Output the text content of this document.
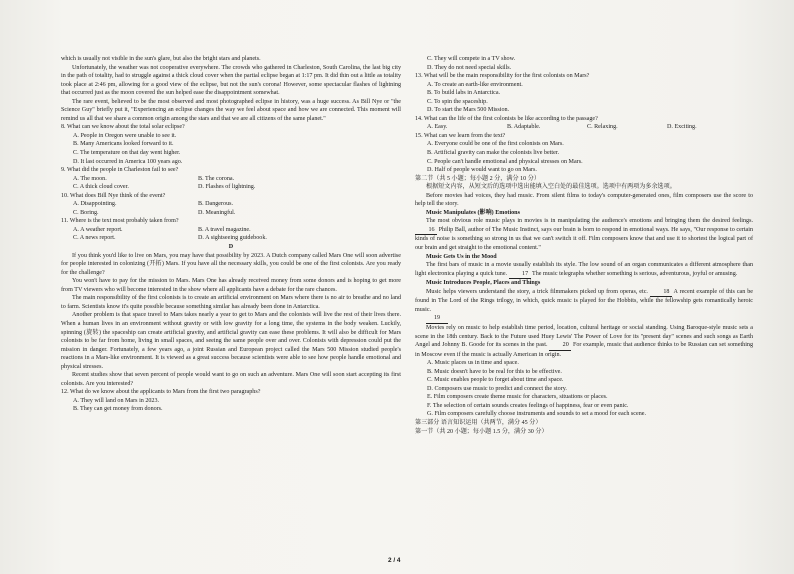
which is usually not visible in the sun's glare, but also the bright stars and planets.

Unfortunately, the weather was not cooperative everywhere. The crowds who gathered in Charleston, South Carolina, the last big city in the path of totality, had to struggle against a thick cloud cover when the partial eclipse began at 1:17 pm. It did thin out a little as totality took place at 2:46 pm, allowing for a good view of the eclipse, but not the sun's corona! However, some spectacular flashes of lightning that occurred just as the moon covered the sun helped ease the disappointment somewhat.

The rare event, believed to be the most observed and most photographed eclipse in history, was a huge success. As Bill Nye or "the Science Guy" briefly put it, "Experiencing an eclipse changes the way we feel about space and how we are connected. This moment will remind us all that we share a common origin among the stars and that we are all citizens of the same planet."

8. What can we know about the total solar eclipse?

A. People in Oregon were unable to see it.
B. Many Americans looked forward to it.
C. The temperature on that day went higher.
D. It last occurred in America 100 years ago.

9. What did the people in Charleston fail to see?

A. The moon.	B. The corona.
C. A thick cloud cover.	D. Flashes of lightning.

10. What does Bill Nye think of the event?

A. Disappointing.	B. Dangerous.
C. Boring.	D. Meaningful.

11. Where is the text most probably taken from?

A. A weather report.	B. A travel magazine.
C. A news report.	D. A sightseeing guidebook.

D

If you think you'd like to live on Mars, you may have that possibility by 2023. A Dutch company called Mars One will soon advertise for people interested in colonizing (开拓) Mars. If you have all the necessary skills, you could be one of the first colonists. Are you ready for the challenge?

You won't have to pay for the mission to Mars. Mars One has already received money from some donors and is hoping to get more from TV viewers who will become interested in the show where all applicants have a debate for the rare chances.

The main responsibility of the first colonists is to create an artificial environment on Mars where there is no air to breathe and no land to farm. Scientists know it's quite possible because something similar has already been done in Antarctica.

Another problem is that space travel to Mars takes nearly a year to get to Mars and the colonists will live the rest of their lives there. When a human lives in an environment without gravity or with low gravity for a long time, the systems in the body weaken. Luckily, spinning (旋转) the spaceship can create artificial gravity, and artificial gravity can ease these problems. It will also be difficult for Mars colonists to be far from home, living in small spaces, and seeing the same people over and over. Colonists with depression could put the mission in danger. Fortunately, a few years ago, a joint Russian and European project called the Mars 500 Mission studied people's reactions in a Mars-like environment. It is viewed as a great success because scientists were able to see how people handle emotional and physical stresses.

Recent studies show that seven percent of people would want to go on such an adventure. Mars One will soon start accepting its first colonists. Are you interested?

12. What do we know about the applicants to Mars from the first two paragraphs?

A. They will land on Mars in 2023.
B. They can get money from donors.
C. They will compete in a TV show.
D. They do not need special skills.

13. What will be the main responsibility for the first colonists on Mars?

A. To create an earth-like environment.
B. To build labs in Antarctica.
C. To spin the spaceship.
D. To start the Mars 500 Mission.

14. What can the life of the first colonists be like according to the passage?

A. Easy.	B. Adaptable.	C. Relaxing.	D. Exciting.

15. What can we learn from the text?

A. Everyone could be one of the first colonists on Mars.
B. Artificial gravity can make the colonists live better.
C. People can't handle emotional and physical stresses on Mars.
D. Half of people would want to go on Mars.

第二节（共 5 小题；每小题 2 分，满分 10 分）

根据短文内容，从短文后的选项中选出能填入空白处的最佳选项。选项中有两项为多余选项。

Before movies had voices, they had music. From silent films to today's computer-generated ones, film composers use the score to help tell the story.

Music Manipulates (影响) Emotions

The most obvious role music plays in movies is in manipulating the audience's emotions and bringing them the desired feelings. 16 Philip Ball, author of The Music Instinct, says our brain is born to respond in emotional ways. He says, "Our response to certain kinds of noise is something so strong in us that we can't switch it off. Film composers know that and use it to shortest the logical part of our brain and get straight to the emotional content."

Music Gets Us in the Mood

The first bars of music in a movie usually establish its style. The low sound of an organ communicates a different atmosphere than light electronica playing a quick tune. 17 The music telegraphs whether something is serious, adventurous, joyful or amusing.

Music Introduces People, Places and Things

Music helps viewers understand the story, a trick filmmakers picked up from operas, etc.	18 A recent example of this can be found in The Lord of the Rings trilogy, in which, quick music is played for the Hobbits, while the fellowship gets romantically heroic music.

19

Movies rely on music to help establish time period, location, cultural heritage or social standing. Using Baroque-style music sets a scene in the 18th century. Back to the Future used Huey Lewis' The Power of Love for its "present day" scenes and such songs as Earth Angel and Johnny B. Goode for its scenes in the past. 20 For example, music that audience thinks to be Russian can set something in Moscow even if the music is actually American in origin.

A. Music places us in time and space.
B. Music doesn't have to be real for this to be effective.
C. Music enables people to forget about time and space.
D. Composers use music to predict and connect the story.
E. Film composers create theme music for characters, situations or places.
F. The selection of certain sounds creates feelings of happiness, fear or even panic.
G. Film composers carefully choose instruments and sounds to set a mood for each scene.

第三部分 语言知识运用（共两节，满分 45 分）

第一节（共 20 小题；每小题 1.5 分，满分 30 分）

2 / 4
